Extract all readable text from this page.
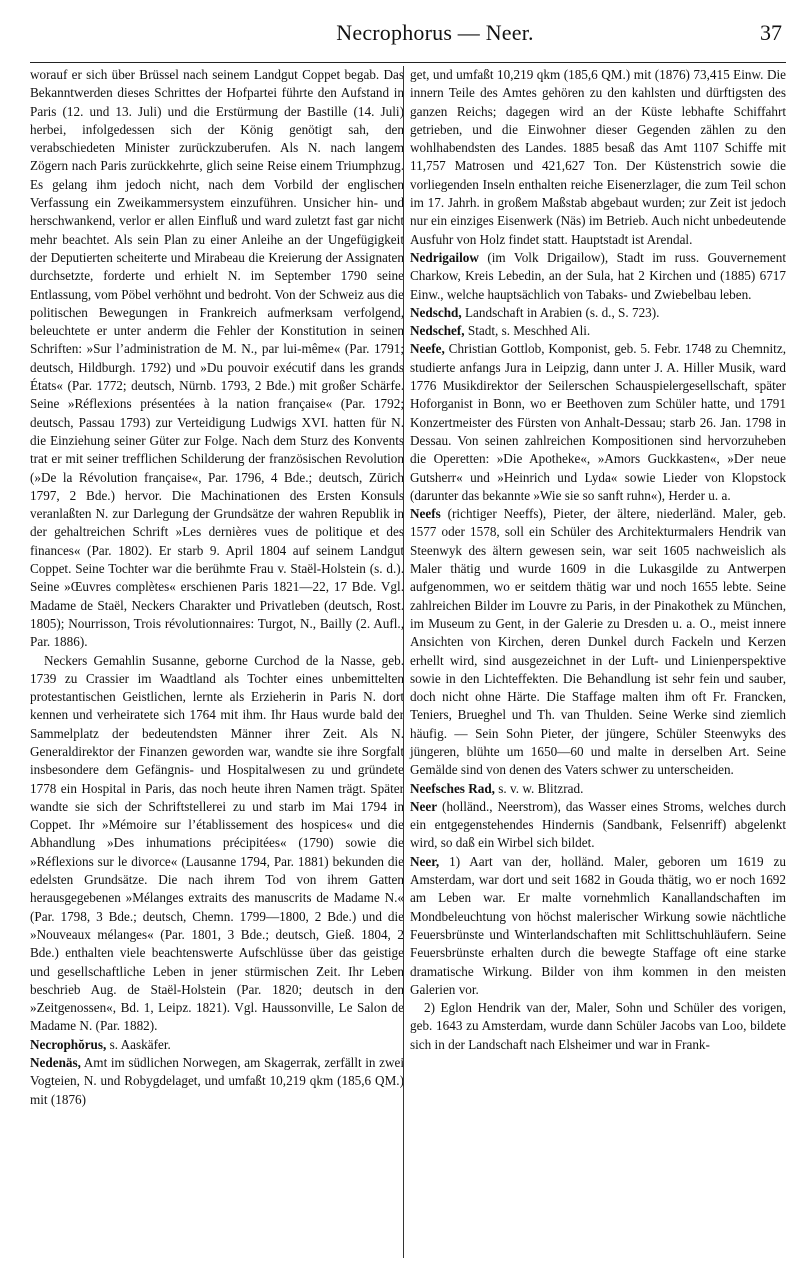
Necrophorus — Neer.	37

worauf er sich über Brüssel nach seinem Landgut Coppet begab. Das Bekanntwerden dieses Schrittes der Hofpartei führte den Aufstand in Paris (12. und 13. Juli) und die Erstürmung der Bastille (14. Juli) herbei, infolgedessen sich der König genötigt sah, den verabschiedeten Minister zurückzuberufen. Als N. nach langem Zögern nach Paris zurückkehrte, glich seine Reise einem Triumphzug. Es gelang ihm jedoch nicht, nach dem Vorbild der englischen Verfassung ein Zweikammersystem einzuführen. Unsicher hin- und herschwankend, verlor er allen Einfluß und ward zuletzt fast gar nicht mehr beachtet. Als sein Plan zu einer Anleihe an der Ungefügigkeit der Deputierten scheiterte und Mirabeau die Kreierung der Assignaten durchsetzte, forderte und erhielt N. im September 1790 seine Entlassung, vom Pöbel verhöhnt und bedroht. Von der Schweiz aus die politischen Bewegungen in Frankreich aufmerksam verfolgend, beleuchtete er unter anderm die Fehler der Konstitution in seinen Schriften: »Sur l’administration de M. N., par lui-même« (Par. 1791; deutsch, Hildburgh. 1792) und »Du pouvoir exécutif dans les grands États« (Par. 1772; deutsch, Nürnb. 1793, 2 Bde.) mit großer Schärfe. Seine »Réflexions présentées à la nation française« (Par. 1792; deutsch, Passau 1793) zur Verteidigung Ludwigs XVI. hatten für N. die Einziehung seiner Güter zur Folge. Nach dem Sturz des Konvents trat er mit seiner trefflichen Schilderung der französischen Revolution (»De la Révolution française«, Par. 1796, 4 Bde.; deutsch, Zürich 1797, 2 Bde.) hervor. Die Machinationen des Ersten Konsuls veranlaßten N. zur Darlegung der Grundsätze der wahren Republik in der gehaltreichen Schrift »Les dernières vues de politique et des finances« (Par. 1802). Er starb 9. April 1804 auf seinem Landgut Coppet. Seine Tochter war die berühmte Frau v. Staël-Holstein (s. d.). Seine »Œuvres complètes« erschienen Paris 1821—22, 17 Bde. Vgl. Madame de Staël, Neckers Charakter und Privatleben (deutsch, Rost. 1805); Nourrisson, Trois révolutionnaires: Turgot, N., Bailly (2. Aufl., Par. 1886).

Neckers Gemahlin Susanne, geborne Curchod de la Nasse, geb. 1739 zu Crassier im Waadtland als Tochter eines unbemittelten protestantischen Geistlichen, lernte als Erzieherin in Paris N. dort kennen und verheiratete sich 1764 mit ihm. Ihr Haus wurde bald der Sammelplatz der bedeutendsten Männer ihrer Zeit. Als N. Generaldirektor der Finanzen geworden war, wandte sie ihre Sorgfalt insbesondere dem Gefängnis- und Hospitalwesen zu und gründete 1778 ein Hospital in Paris, das noch heute ihren Namen trägt. Später wandte sie sich der Schriftstellerei zu und starb im Mai 1794 in Coppet. Ihr »Mémoire sur l’établissement des hospices« und die Abhandlung »Des inhumations précipitées« (1790) sowie die »Réflexions sur le divorce« (Lausanne 1794, Par. 1881) bekunden die edelsten Grundsätze. Die nach ihrem Tod von ihrem Gatten herausgegebenen »Mélanges extraits des manuscrits de Madame N.« (Par. 1798, 3 Bde.; deutsch, Chemn. 1799—1800, 2 Bde.) und die »Nouveaux mélanges« (Par. 1801, 3 Bde.; deutsch, Gieß. 1804, 2 Bde.) enthalten viele beachtenswerte Aufschlüsse über das geistige und gesellschaftliche Leben in jener stürmischen Zeit. Ihr Leben beschrieb Aug. de Staël-Holstein (Par. 1820; deutsch in den »Zeitgenossen«, Bd. 1, Leipz. 1821). Vgl. Haussonville, Le Salon de Madame N. (Par. 1882).

Necrophŏrus, s. Aaskäfer.

Nedenäs, Amt im südlichen Norwegen, am Skagerrak, zerfällt in zwei Vogteien, N. und Robygdelaget, und umfaßt 10,219 qkm (185,6 QM.) mit (1876)

get, und umfaßt 10,219 qkm (185,6 QM.) mit (1876) 73,415 Einw. Die innern Teile des Amtes gehören zu den kahlsten und dürftigsten des ganzen Reichs; dagegen wird an der Küste lebhafte Schiffahrt getrieben, und die Einwohner dieser Gegenden zählen zu den wohlhabendsten des Landes. 1885 besaß das Amt 1107 Schiffe mit 11,757 Matrosen und 421,627 Ton. Der Küstenstrich sowie die vorliegenden Inseln enthalten reiche Eisenerzlager, die zum Teil schon im 17. Jahrh. in großem Maßstab abgebaut wurden; zur Zeit ist jedoch nur ein einziges Eisenwerk (Näs) im Betrieb. Auch nicht unbedeutende Ausfuhr von Holz findet statt. Hauptstadt ist Arendal.

Nedrigailow (im Volk Drigailow), Stadt im russ. Gouvernement Charkow, Kreis Lebedin, an der Sula, hat 2 Kirchen und (1885) 6717 Einw., welche hauptsächlich von Tabaks- und Zwiebelbau leben.

Nedschd, Landschaft in Arabien (s. d., S. 723).

Nedschef, Stadt, s. Meschhed Ali.

Neefe, Christian Gottlob, Komponist, geb. 5. Febr. 1748 zu Chemnitz, studierte anfangs Jura in Leipzig, dann unter J. A. Hiller Musik, ward 1776 Musikdirektor der Seilerschen Schauspielergesellschaft, später Hoforganist in Bonn, wo er Beethoven zum Schüler hatte, und 1791 Konzertmeister des Fürsten von Anhalt-Dessau; starb 26. Jan. 1798 in Dessau. Von seinen zahlreichen Kompositionen sind hervorzuheben die Operetten: »Die Apotheke«, »Amors Guckkasten«, »Der neue Gutsherr« und »Heinrich und Lyda« sowie Lieder von Klopstock (darunter das bekannte »Wie sie so sanft ruhn«), Herder u. a.

Neefs (richtiger Neeffs), Pieter, der ältere, niederländ. Maler, geb. 1577 oder 1578, soll ein Schüler des Architekturmalers Hendrik van Steenwyk des ältern gewesen sein, war seit 1605 nachweislich als Maler thätig und wurde 1609 in die Lukasgilde zu Antwerpen aufgenommen, wo er seitdem thätig war und noch 1655 lebte. Seine zahlreichen Bilder im Louvre zu Paris, in der Pinakothek zu München, im Museum zu Gent, in der Galerie zu Dresden u. a. O., meist innere Ansichten von Kirchen, deren Dunkel durch Fackeln und Kerzen erhellt wird, sind ausgezeichnet in der Luft- und Linienperspektive sowie in den Lichteffekten. Die Behandlung ist sehr fein und sauber, doch nicht ohne Härte. Die Staffage malten ihm oft Fr. Francken, Teniers, Brueghel und Th. van Thulden. Seine Werke sind ziemlich häufig. — Sein Sohn Pieter, der jüngere, Schüler Steenwyks des jüngeren, blühte um 1650—60 und malte in derselben Art. Seine Gemälde sind von denen des Vaters schwer zu unterscheiden.

Neefsches Rad, s. v. w. Blitzrad.

Neer (holländ., Neerstrom), das Wasser eines Stroms, welches durch ein entgegenstehendes Hindernis (Sandbank, Felsenriff) abgelenkt wird, so daß ein Wirbel sich bildet.

Neer, 1) Aart van der, holländ. Maler, geboren um 1619 zu Amsterdam, war dort und seit 1682 in Gouda thätig, wo er noch 1692 am Leben war. Er malte vornehmlich Kanallandschaften im Mondbeleuchtung von höchst malerischer Wirkung sowie nächtliche Feuersbrünste und Winterlandschaften mit Schlittschuhläufern. Seine Feuersbrünste erhalten durch die bewegte Staffage oft eine starke dramatische Wirkung. Bilder von ihm kommen in den meisten Galerien vor.

2) Eglon Hendrik van der, Maler, Sohn und Schüler des vorigen, geb. 1643 zu Amsterdam, wurde dann Schüler Jacobs van Loo, bildete sich in der Landschaft nach Elsheimer und war in Frank-
